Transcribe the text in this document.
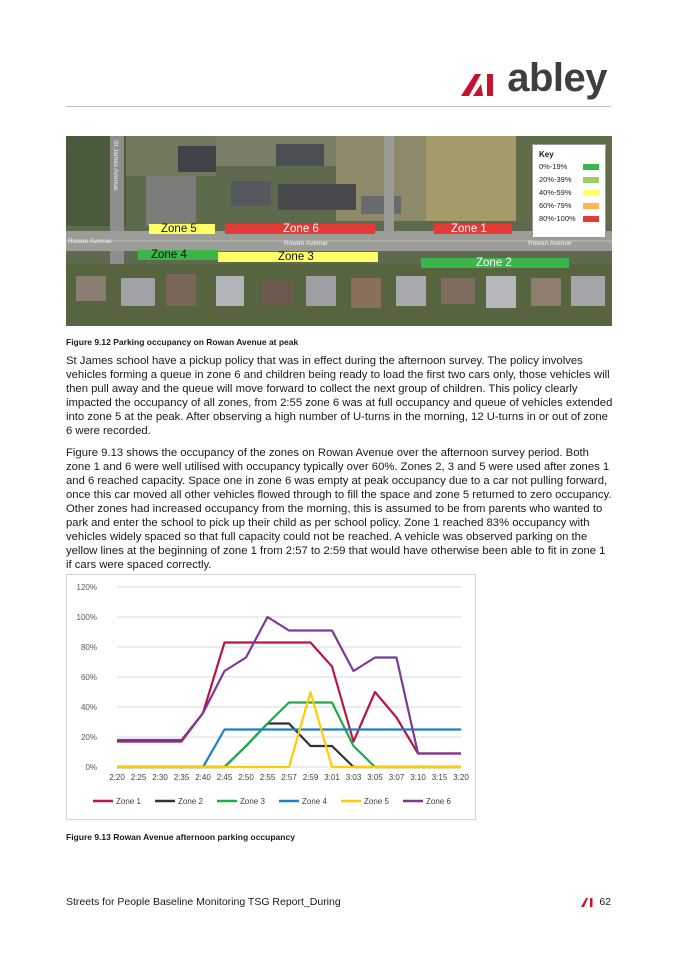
abley
Zone 5	Zone 6	Zone 1
Zone 4	Zone 3	Zone 2
Rowan Avenue	Rowan Avenue	Rowan Avenue
St James Avenue	Key
0%-19%
20%-39%
40%-59%
60%-79%
80%-100%
Figure 9.12 Parking occupancy on Rowan Avenue at peak

St James school have a pickup policy that was in effect during the afternoon survey. The policy involves vehicles forming a queue in zone 6 and children being ready to load the first two cars only, those vehicles will then pull away and the queue will move forward to collect the next group of children. This policy clearly impacted the occupancy of all zones, from 2:55 zone 6 was at full occupancy and queue of vehicles extended into zone 5 at the peak. After observing a high number of U-turns in the morning, 12 U-turns in or out of zone 6 were recorded.

Figure 9.13 shows the occupancy of the zones on Rowan Avenue over the afternoon survey period. Both zone 1 and 6 were well utilised with occupancy typically over 60%. Zones 2, 3 and 5 were used after zones 1 and 6 reached capacity. Space one in zone 6 was empty at peak occupancy due to a car not pulling forward, once this car moved all other vehicles flowed through to fill the space and zone 5 returned to zero occupancy. Other zones had increased occupancy from the morning, this is assumed to be from parents who wanted to park and enter the school to pick up their child as per school policy. Zone 1 reached 83% occupancy with vehicles widely spaced so that full capacity could not be reached. A vehicle was observed parking on the yellow lines at the beginning of zone 1 from 2:57 to 2:59 that would have otherwise been able to fit in zone 1 if cars were spaced correctly.

0%
20%
40%
60%
80%
100%
120%
2:20 2:25 2:30 2:35 2:40 2:45 2:50 2:55 2:57 2:59 3:01 3:03 3:05 3:07 3:10 3:15 3:20
Zone 1	Zone 2	Zone 3	Zone 4	Zone 5	Zone 6
Figure 9.13 Rowan Avenue afternoon parking occupancy
Streets for People Baseline Monitoring TSG Report_During	62
